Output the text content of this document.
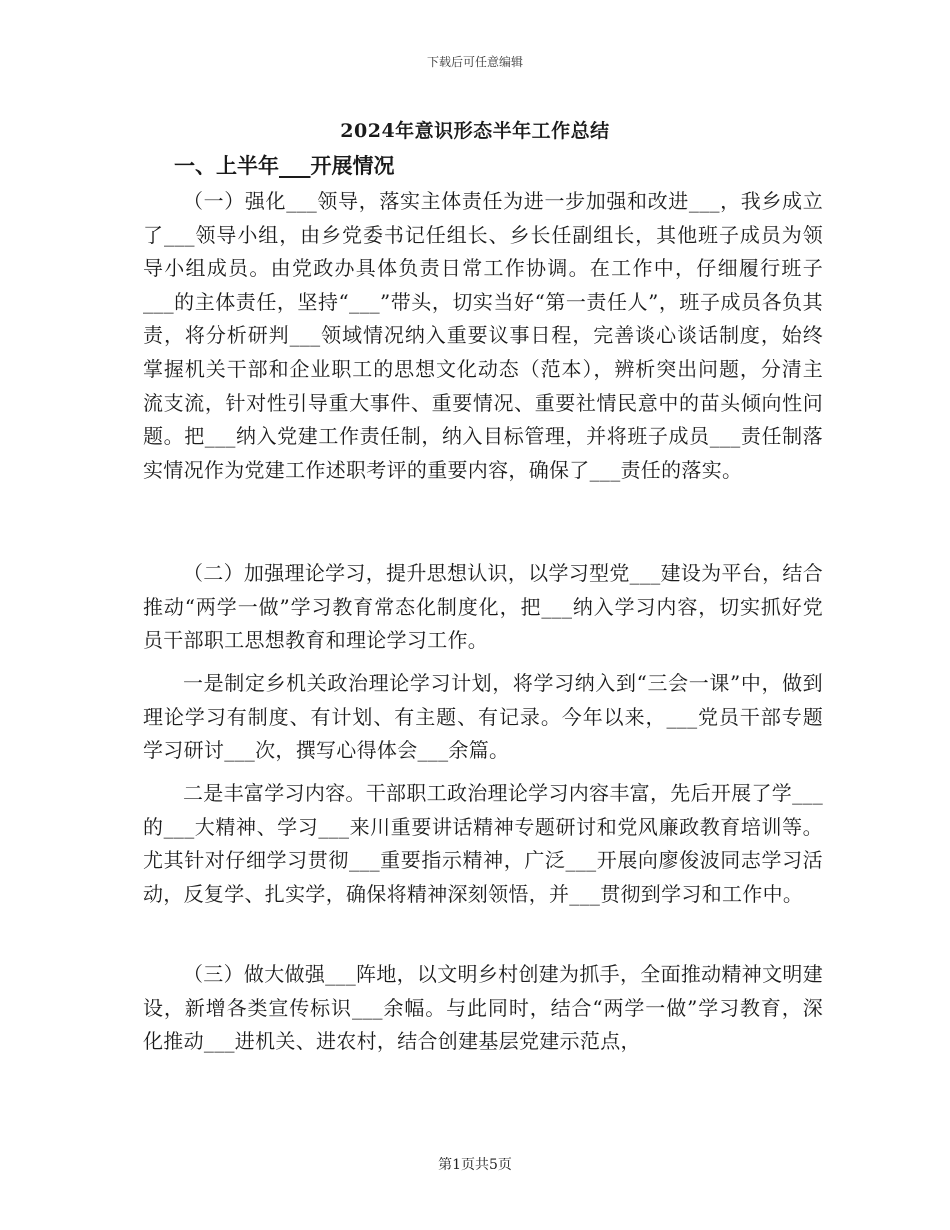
下载后可任意编辑
2024年意识形态半年工作总结
一、上半年___开展情况

（一）强化___领导，落实主体责任为进一步加强和改进___，我乡成立了___领导小组，由乡党委书记任组长、乡长任副组长，其他班子成员为领导小组成员。由党政办具体负责日常工作协调。在工作中，仔细履行班子___的主体责任，坚持“___”带头，切实当好“第一责任人”，班子成员各负其责，将分析研判___领域情况纳入重要议事日程，完善谈心谈话制度，始终掌握机关干部和企业职工的思想文化动态（范本），辨析突出问题，分清主流支流，针对性引导重大事件、重要情况、重要社情民意中的苗头倾向性问题。把___纳入党建工作责任制，纳入目标管理，并将班子成员___责任制落实情况作为党建工作述职考评的重要内容，确保了___责任的落实。

（二）加强理论学习，提升思想认识，以学习型党___建设为平台，结合推动“两学一做”学习教育常态化制度化，把___纳入学习内容，切实抓好党员干部职工思想教育和理论学习工作。

一是制定乡机关政治理论学习计划，将学习纳入到“三会一课”中，做到理论学习有制度、有计划、有主题、有记录。今年以来，___党员干部专题学习研讨___次，撰写心得体会___余篇。

二是丰富学习内容。干部职工政治理论学习内容丰富，先后开展了学___的___大精神、学习___来川重要讲话精神专题研讨和党风廉政教育培训等。尤其针对仔细学习贯彻___重要指示精神，广泛___开展向廖俊波同志学习活动，反复学、扎实学，确保将精神深刻领悟，并___贯彻到学习和工作中。

（三）做大做强___阵地，以文明乡村创建为抓手，全面推动精神文明建设，新增各类宣传标识___余幅。与此同时，结合“两学一做”学习教育，深化推动___进机关、进农村，结合创建基层党建示范点，

第1页共5页
